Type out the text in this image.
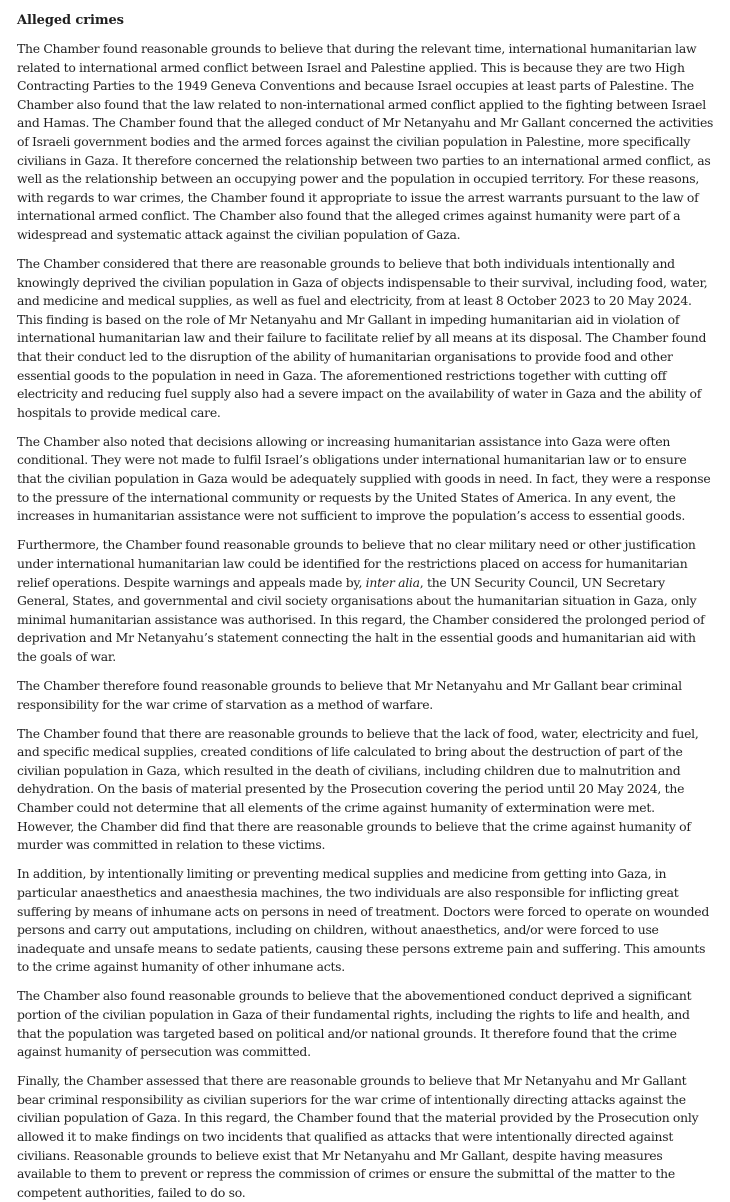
Alleged crimes

The Chamber found reasonable grounds to believe that during the relevant time, international humanitarian law related to international armed conflict between Israel and Palestine applied. This is because they are two High Contracting Parties to the 1949 Geneva Conventions and because Israel occupies at least parts of Palestine. The Chamber also found that the law related to non-international armed conflict applied to the fighting between Israel and Hamas. The Chamber found that the alleged conduct of Mr Netanyahu and Mr Gallant concerned the activities of Israeli government bodies and the armed forces against the civilian population in Palestine, more specifically civilians in Gaza. It therefore concerned the relationship between two parties to an international armed conflict, as well as the relationship between an occupying power and the population in occupied territory. For these reasons, with regards to war crimes, the Chamber found it appropriate to issue the arrest warrants pursuant to the law of international armed conflict. The Chamber also found that the alleged crimes against humanity were part of a widespread and systematic attack against the civilian population of Gaza.

The Chamber considered that there are reasonable grounds to believe that both individuals intentionally and knowingly deprived the civilian population in Gaza of objects indispensable to their survival, including food, water, and medicine and medical supplies, as well as fuel and electricity, from at least 8 October 2023 to 20 May 2024. This finding is based on the role of Mr Netanyahu and Mr Gallant in impeding humanitarian aid in violation of international humanitarian law and their failure to facilitate relief by all means at its disposal. The Chamber found that their conduct led to the disruption of the ability of humanitarian organisations to provide food and other essential goods to the population in need in Gaza. The aforementioned restrictions together with cutting off electricity and reducing fuel supply also had a severe impact on the availability of water in Gaza and the ability of hospitals to provide medical care.

The Chamber also noted that decisions allowing or increasing humanitarian assistance into Gaza were often conditional. They were not made to fulfil Israel’s obligations under international humanitarian law or to ensure that the civilian population in Gaza would be adequately supplied with goods in need. In fact, they were a response to the pressure of the international community or requests by the United States of America. In any event, the increases in humanitarian assistance were not sufficient to improve the population’s access to essential goods.

Furthermore, the Chamber found reasonable grounds to believe that no clear military need or other justification under international humanitarian law could be identified for the restrictions placed on access for humanitarian relief operations. Despite warnings and appeals made by, inter alia, the UN Security Council, UN Secretary General, States, and governmental and civil society organisations about the humanitarian situation in Gaza, only minimal humanitarian assistance was authorised. In this regard, the Chamber considered the prolonged period of deprivation and Mr Netanyahu’s statement connecting the halt in the essential goods and humanitarian aid with the goals of war.

The Chamber therefore found reasonable grounds to believe that Mr Netanyahu and Mr Gallant bear criminal responsibility for the war crime of starvation as a method of warfare.

The Chamber found that there are reasonable grounds to believe that the lack of food, water, electricity and fuel, and specific medical supplies, created conditions of life calculated to bring about the destruction of part of the civilian population in Gaza, which resulted in the death of civilians, including children due to malnutrition and dehydration. On the basis of material presented by the Prosecution covering the period until 20 May 2024, the Chamber could not determine that all elements of the crime against humanity of extermination were met. However, the Chamber did find that there are reasonable grounds to believe that the crime against humanity of murder was committed in relation to these victims.

In addition, by intentionally limiting or preventing medical supplies and medicine from getting into Gaza, in particular anaesthetics and anaesthesia machines, the two individuals are also responsible for inflicting great suffering by means of inhumane acts on persons in need of treatment. Doctors were forced to operate on wounded persons and carry out amputations, including on children, without anaesthetics, and/or were forced to use inadequate and unsafe means to sedate patients, causing these persons extreme pain and suffering. This amounts to the crime against humanity of other inhumane acts.

The Chamber also found reasonable grounds to believe that the abovementioned conduct deprived a significant portion of the civilian population in Gaza of their fundamental rights, including the rights to life and health, and that the population was targeted based on political and/or national grounds. It therefore found that the crime against humanity of persecution was committed.

Finally, the Chamber assessed that there are reasonable grounds to believe that Mr Netanyahu and Mr Gallant bear criminal responsibility as civilian superiors for the war crime of intentionally directing attacks against the civilian population of Gaza. In this regard, the Chamber found that the material provided by the Prosecution only allowed it to make findings on two incidents that qualified as attacks that were intentionally directed against civilians. Reasonable grounds to believe exist that Mr Netanyahu and Mr Gallant, despite having measures available to them to prevent or repress the commission of crimes or ensure the submittal of the matter to the competent authorities, failed to do so.
